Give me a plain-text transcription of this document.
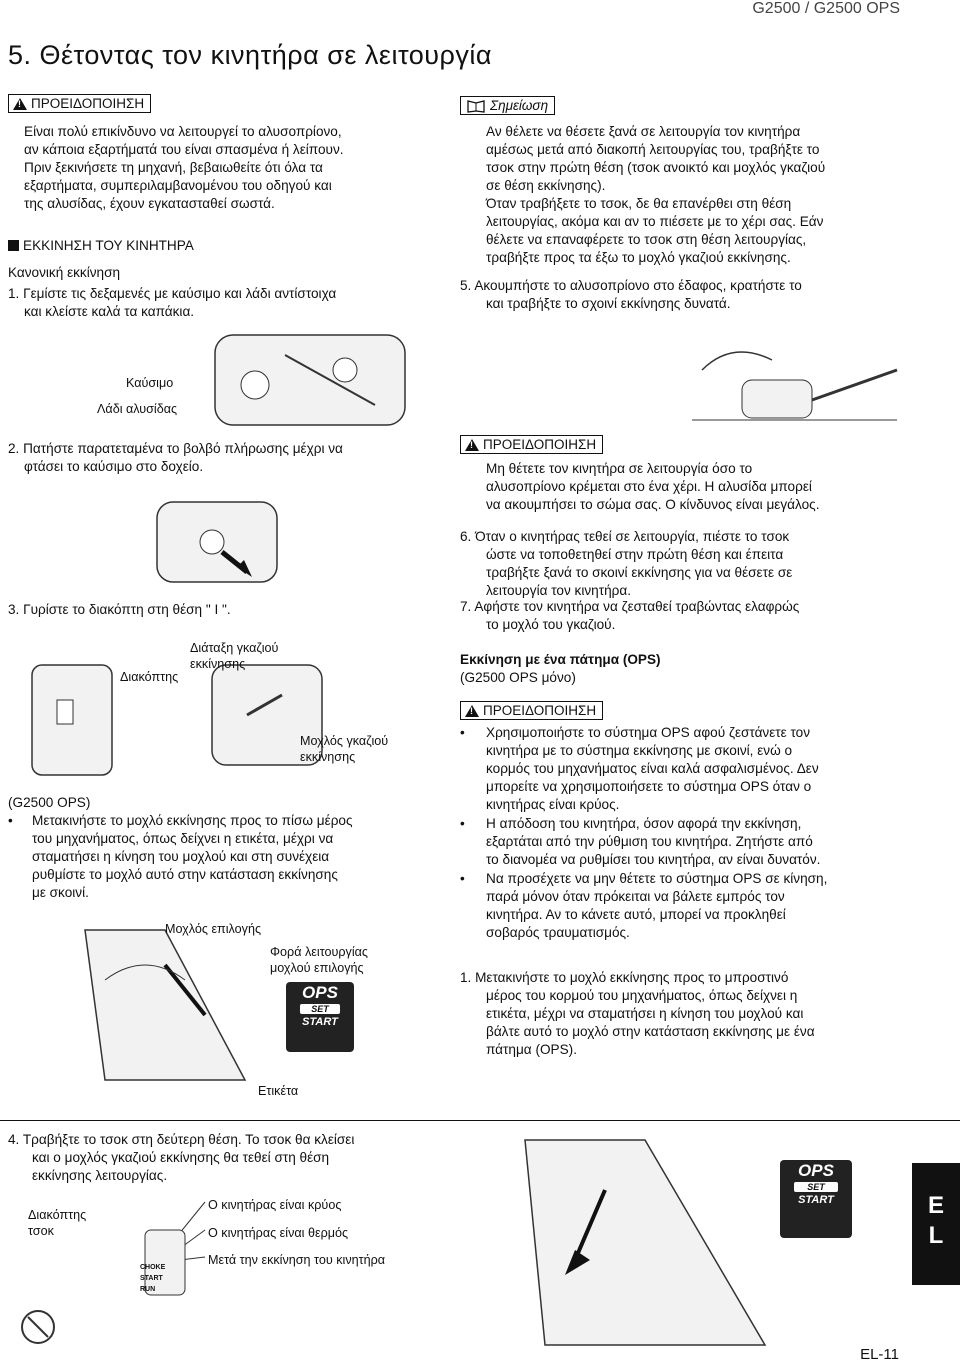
G2500 / G2500 OPS
5. Θέτοντας τον κινητήρα σε λειτουργία
!
ΠΡΟΕΙΔΟΠΟΙΗΣΗ
Είναι πολύ επικίνδυνο να λειτουργεί το αλυσοπρίονο,
αν κάποια εξαρτήματά του είναι σπασμένα ή λείπουν.
Πριν ξεκινήσετε τη μηχανή, βεβαιωθείτε ότι όλα τα
εξαρτήματα, συμπεριλαμβανομένου του οδηγού και
της αλυσίδας, έχουν εγκατασταθεί σωστά.
ΕΚΚΙΝΗΣΗ ΤΟΥ ΚΙΝΗΤΗΡΑ
Κανονική εκκίνηση
1. Γεμίστε τις δεξαμενές με καύσιμο και λάδι αντίστοιχα
και κλείστε καλά τα καπάκια.
Καύσιμο
Λάδι αλυσίδας
2. Πατήστε παρατεταμένα το βολβό πλήρωσης μέχρι να
φτάσει το καύσιμο στο δοχείο.
3. Γυρίστε το διακόπτη στη θέση " I ".
Διάταξη γκαζιού
εκκίνησης
Διακόπτης
Μοχλός γκαζιού
εκκίνησης
(G2500 OPS)
• Μετακινήστε το μοχλό εκκίνησης προς το πίσω μέρος
του μηχανήματος, όπως δείχνει η ετικέτα, μέχρι να
σταματήσει η κίνηση του μοχλού και στη συνέχεια
ρυθμίστε το μοχλό αυτό στην κατάσταση εκκίνησης
με σκοινί.
Μοχλός επιλογής
Φορά λειτουργίας
μοχλού επιλογής
OPS
SET
START
Ετικέτα
4. Τραβήξτε το τσοκ στη δεύτερη θέση. Το τσοκ θα κλείσει
και ο μοχλός γκαζιού εκκίνησης θα τεθεί στη θέση
εκκίνησης λειτουργίας.
Διακόπτης
τσοκ
Ο κινητήρας είναι κρύος
Ο κινητήρας είναι θερμός
Μετά την εκκίνηση του κινητήρα
CHOKE
START
RUN
Σημείωση
Αν θέλετε να θέσετε ξανά σε λειτουργία τον κινητήρα
αμέσως μετά από διακοπή λειτουργίας του, τραβήξτε το
τσοκ στην πρώτη θέση (τσοκ ανοικτό και μοχλός γκαζιού
σε θέση εκκίνησης).
Όταν τραβήξετε το τσοκ, δε θα επανέρθει στη θέση
λειτουργίας, ακόμα και αν το πιέσετε με το χέρι σας. Εάν
θέλετε να επαναφέρετε το τσοκ στη θέση λειτουργίας,
τραβήξτε προς τα έξω το μοχλό γκαζιού εκκίνησης.
5. Ακουμπήστε το αλυσοπρίονο στο έδαφος, κρατήστε το
και τραβήξτε το σχοινί εκκίνησης δυνατά.
!
ΠΡΟΕΙΔΟΠΟΙΗΣΗ
Μη θέτετε τον κινητήρα σε λειτουργία όσο το
αλυσοπρίονο κρέμεται στο ένα χέρι. Η αλυσίδα μπορεί
να ακουμπήσει το σώμα σας. Ο κίνδυνος είναι μεγάλος.
6. Όταν ο κινητήρας τεθεί σε λειτουργία, πιέστε το τσοκ
ώστε να τοποθετηθεί στην πρώτη θέση και έπειτα
τραβήξτε ξανά το σκοινί εκκίνησης για να θέσετε σε
λειτουργία τον κινητήρα.
7. Αφήστε τον κινητήρα να ζεσταθεί τραβώντας ελαφρώς
το μοχλό του γκαζιού.
Εκκίνηση με ένα πάτημα (OPS)
(G2500 OPS μόνο)
!
ΠΡΟΕΙΔΟΠΟΙΗΣΗ
• Χρησιμοποιήστε το σύστημα OPS αφού ζεστάνετε τον
κινητήρα με το σύστημα εκκίνησης με σκοινί, ενώ ο
κορμός του μηχανήματος είναι καλά ασφαλισμένος. Δεν
μπορείτε να χρησιμοποιήσετε το σύστημα OPS όταν ο
κινητήρας είναι κρύος.
• Η απόδοση του κινητήρα, όσον αφορά την εκκίνηση,
εξαρτάται από την ρύθμιση του κινητήρα. Ζητήστε από
το διανομέα να ρυθμίσει του κινητήρα, αν είναι δυνατόν.
• Να προσέχετε να μην θέτετε το σύστημα OPS σε κίνηση,
παρά μόνον όταν πρόκειται να βάλετε εμπρός τον
κινητήρα. Αν το κάνετε αυτό, μπορεί να προκληθεί
σοβαρός τραυματισμός.
1. Μετακινήστε το μοχλό εκκίνησης προς το μπροστινό
μέρος του κορμού του μηχανήματος, όπως δείχνει η
ετικέτα, μέχρι να σταματήσει η κίνηση του μοχλού και
βάλτε αυτό το μοχλό στην κατάσταση εκκίνησης με ένα
πάτημα (OPS).
OPS
SET
START	E
L
EL-11
